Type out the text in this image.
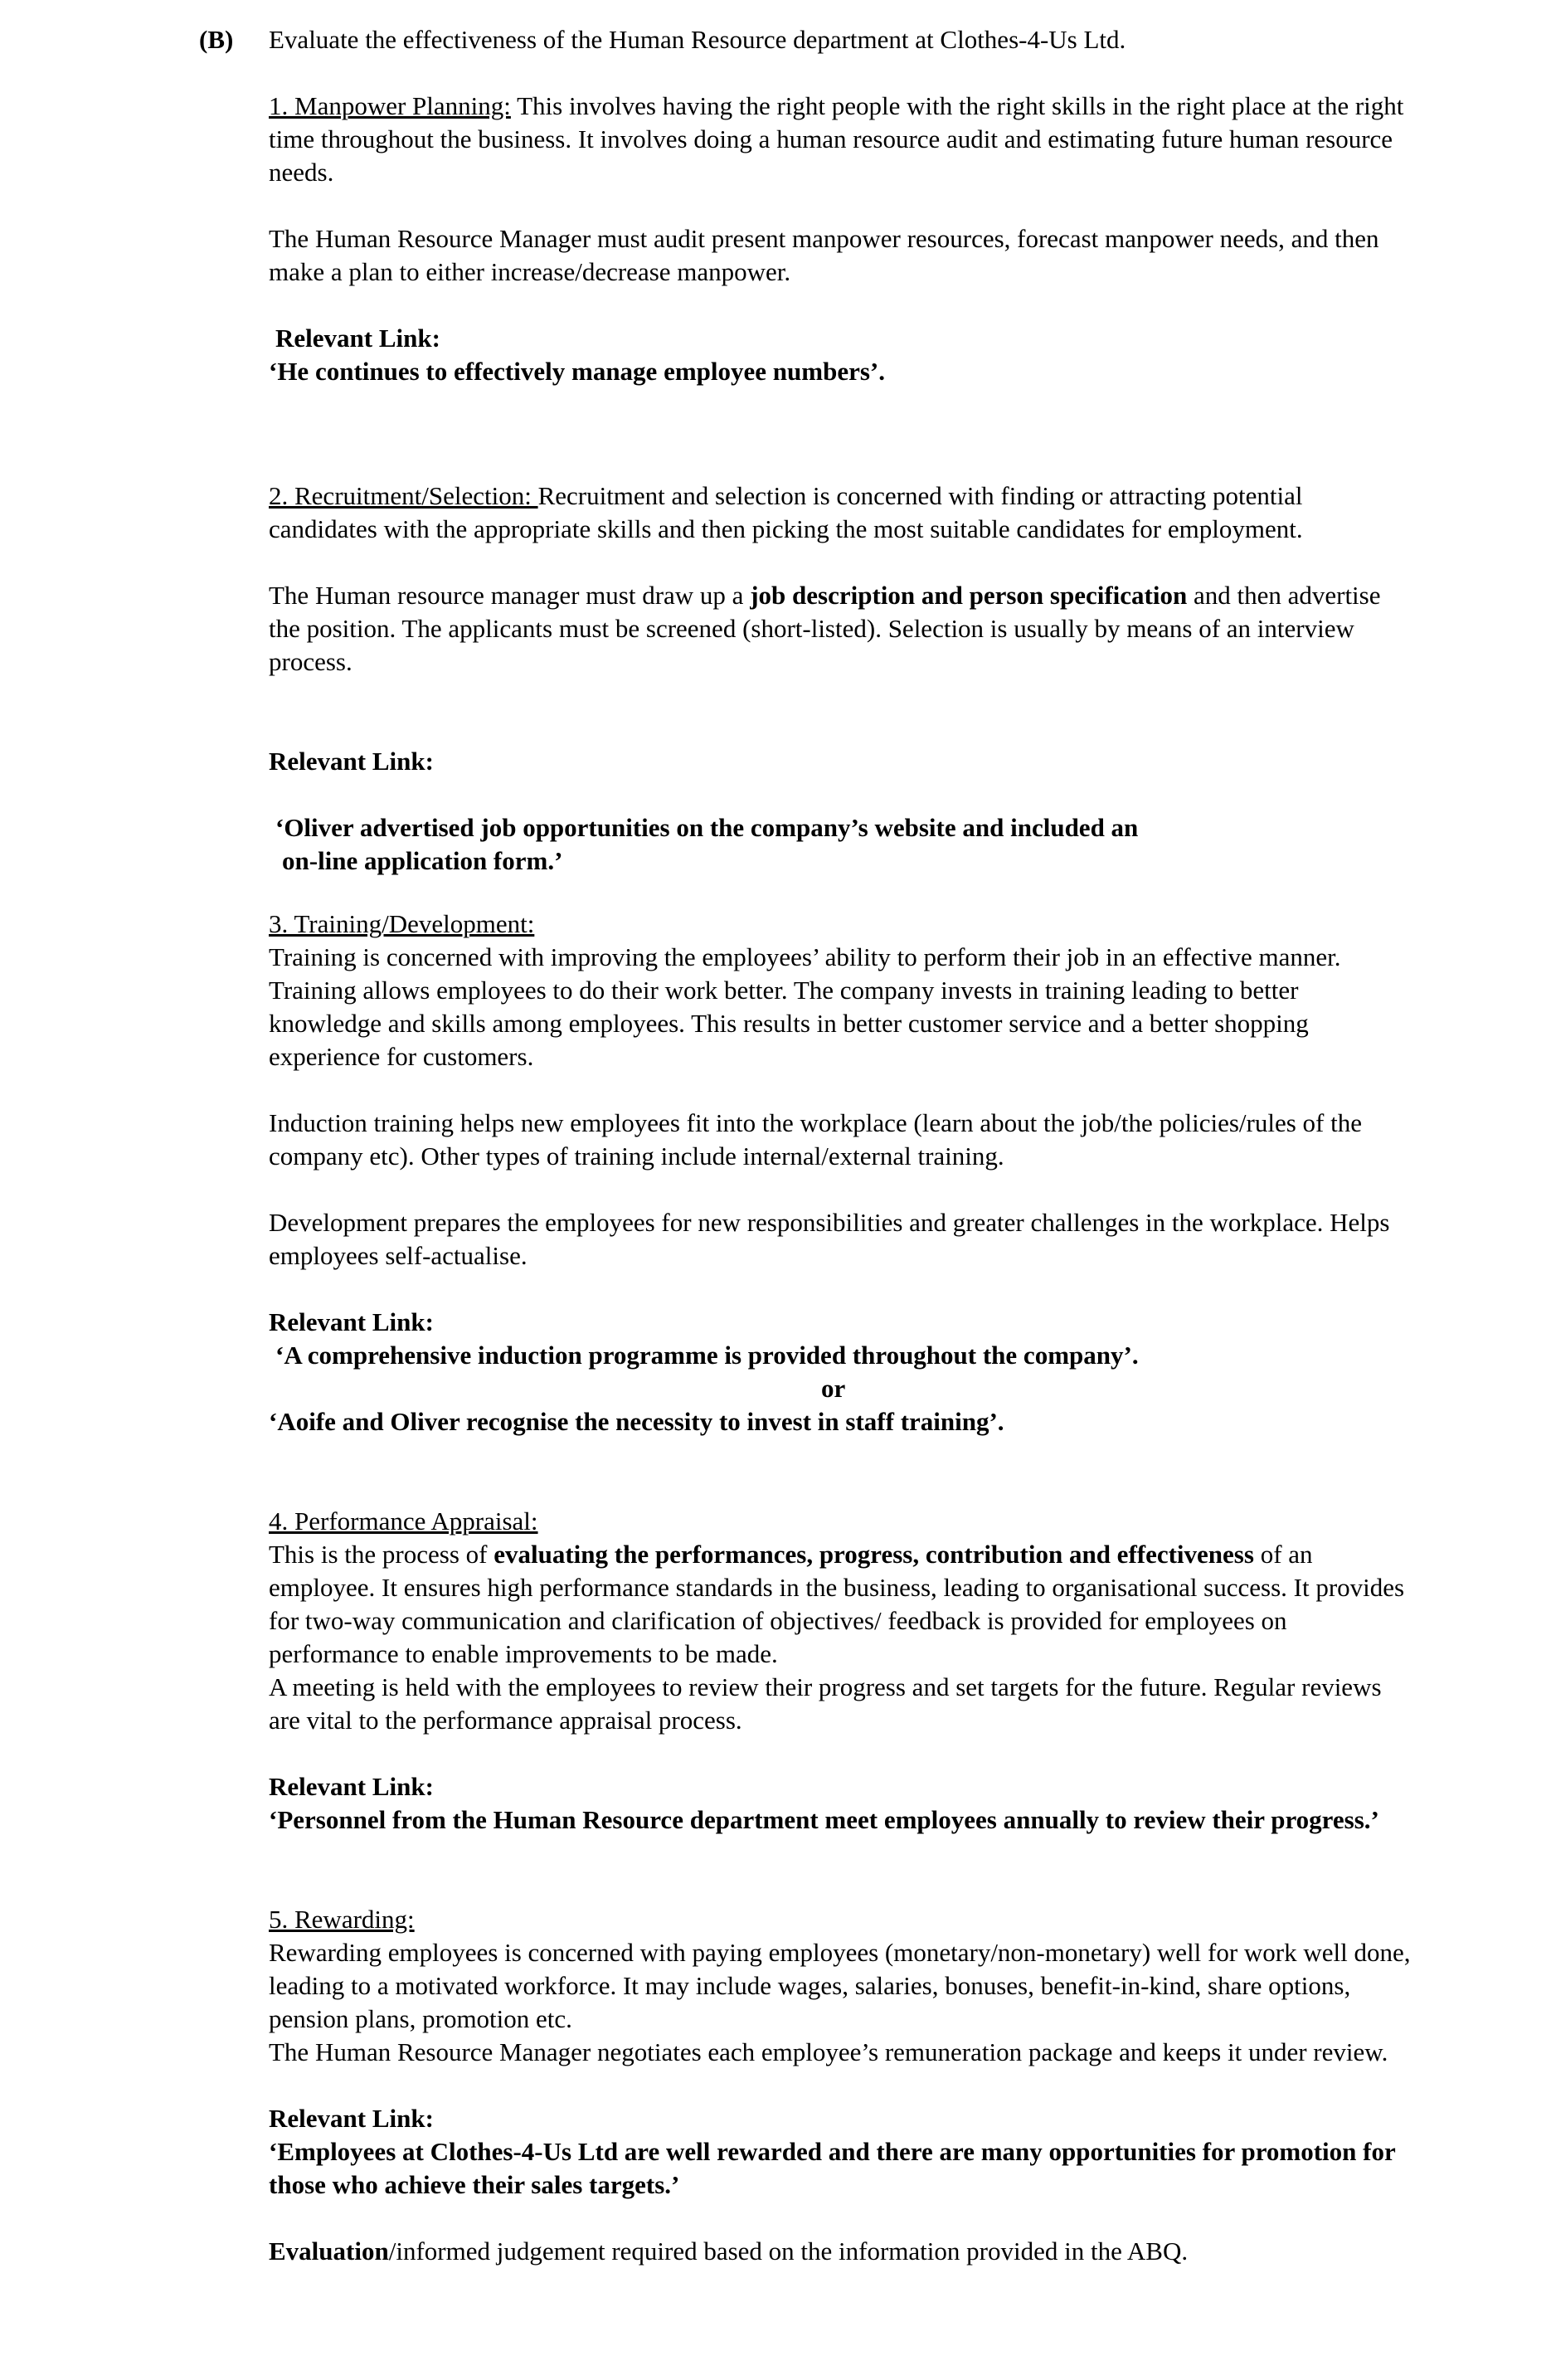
(B) Evaluate the effectiveness of the Human Resource department at Clothes-4-Us Ltd.

1. Manpower Planning: This involves having the right people with the right skills in the right place at the right time throughout the business. It involves doing a human resource audit and estimating future human resource needs.

The Human Resource Manager must audit present manpower resources, forecast manpower needs, and then make a plan to either increase/decrease manpower.

Relevant Link:

‘He continues to effectively manage employee numbers’.

2. Recruitment/Selection: Recruitment and selection is concerned with finding or attracting potential candidates with the appropriate skills and then picking the most suitable candidates for employment.

The Human resource manager must draw up a job description and person specification and then advertise the position. The applicants must be screened (short-listed). Selection is usually by means of an interview process.

Relevant Link:

‘Oliver advertised job opportunities on the company’s website and included an

on-line application form.’

3. Training/Development:

Training is concerned with improving the employees’ ability to perform their job in an effective manner. Training allows employees to do their work better. The company invests in training leading to better knowledge and skills among employees. This results in better customer service and a better shopping experience for customers.

Induction training helps new employees fit into the workplace (learn about the job/the policies/rules of the company etc). Other types of training include internal/external training.

Development prepares the employees for new responsibilities and greater challenges in the workplace. Helps employees self-actualise.

Relevant Link:

‘A comprehensive induction programme is provided throughout the company’.

or

‘Aoife and Oliver recognise the necessity to invest in staff training’.

4. Performance Appraisal:

This is the process of evaluating the performances, progress, contribution and effectiveness of an employee. It ensures high performance standards in the business, leading to organisational success. It provides for two-way communication and clarification of objectives/ feedback is provided for employees on performance to enable improvements to be made.

A meeting is held with the employees to review their progress and set targets for the future. Regular reviews are vital to the performance appraisal process.

Relevant Link:

‘Personnel from the Human Resource department meet employees annually to review their progress.’

5. Rewarding:

Rewarding employees is concerned with paying employees (monetary/non-monetary) well for work well done, leading to a motivated workforce. It may include wages, salaries, bonuses, benefit-in-kind, share options, pension plans, promotion etc.

The Human Resource Manager negotiates each employee’s remuneration package and keeps it under review.

Relevant Link:

‘Employees at Clothes-4-Us Ltd are well rewarded and there are many opportunities for promotion for those who achieve their sales targets.’

Evaluation/informed judgement required based on the information provided in the ABQ.
